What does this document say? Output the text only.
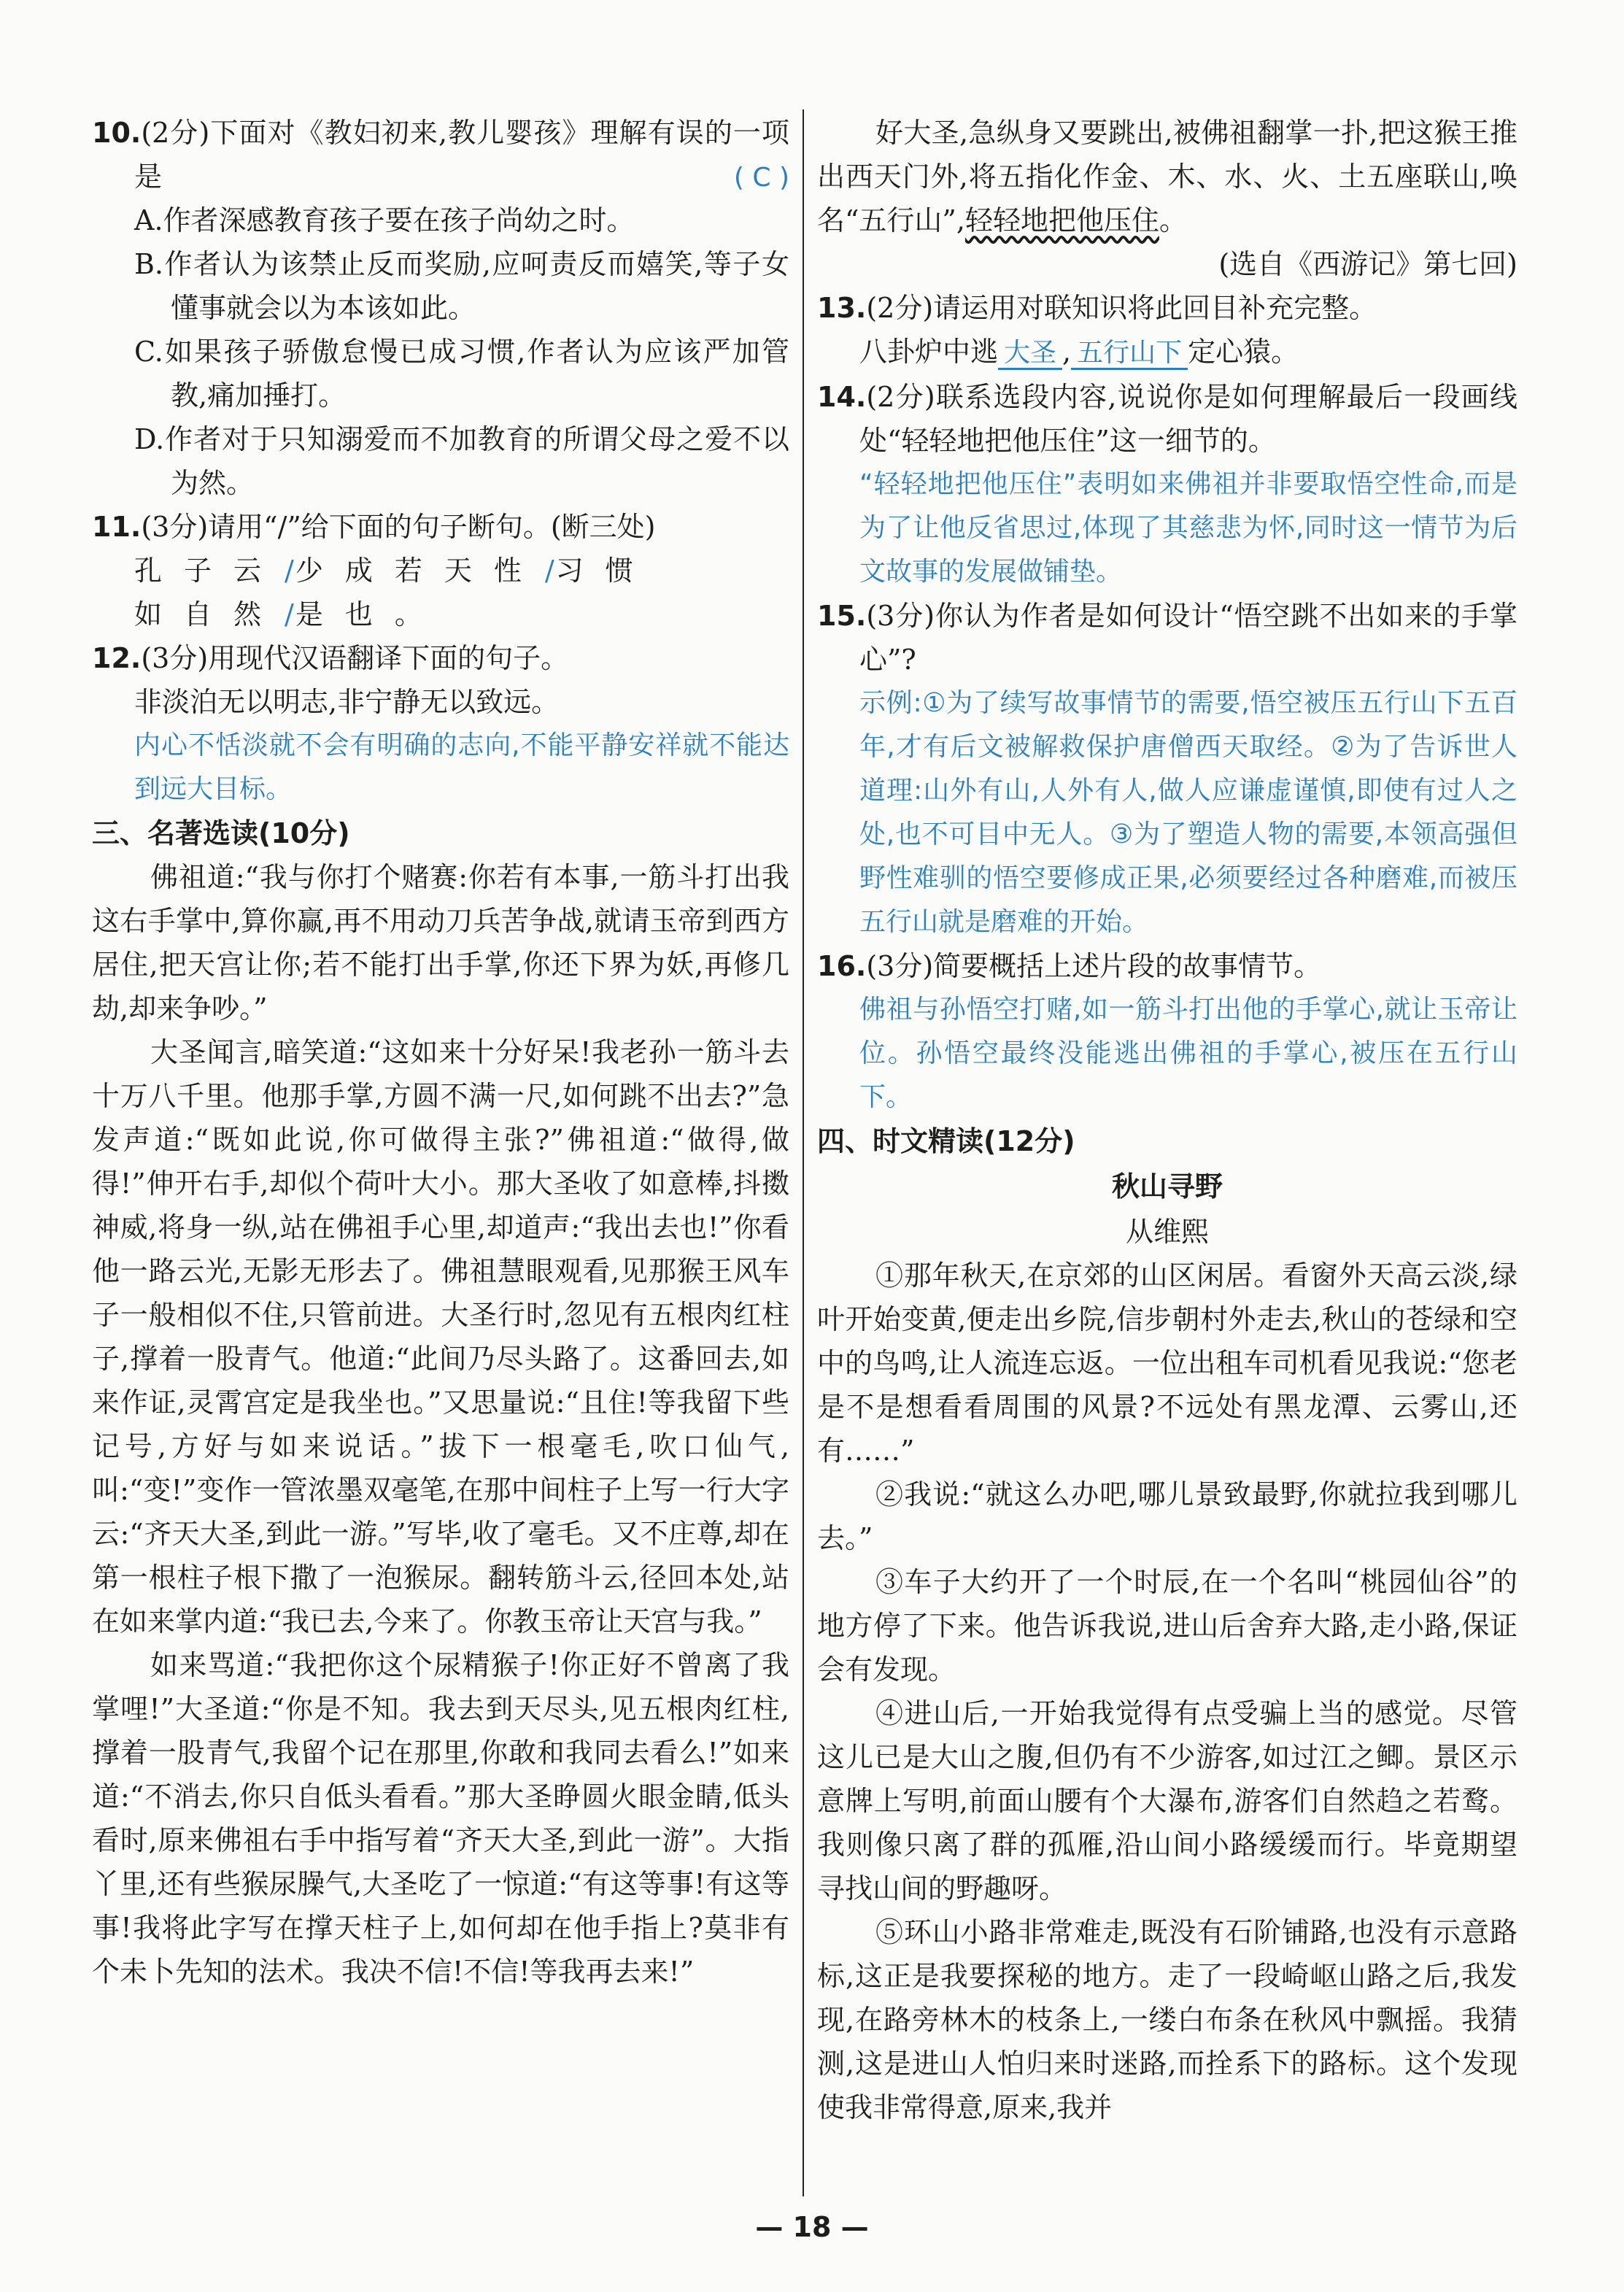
10.(2分)下面对《教妇初来,教儿婴孩》理解有误的一项是	( C )

A.作者深感教育孩子要在孩子尚幼之时。

B.作者认为该禁止反而奖励,应呵责反而嬉笑,等子女懂事就会以为本该如此。

C.如果孩子骄傲怠慢已成习惯,作者认为应该严加管教,痛加捶打。

D.作者对于只知溺爱而不加教育的所谓父母之爱不以为然。

11.(3分)请用“/”给下面的句子断句。(断三处)

孔子云/少成若天性/习惯

如自然/是也。

12.(3分)用现代汉语翻译下面的句子。

非淡泊无以明志,非宁静无以致远。

内心不恬淡就不会有明确的志向,不能平静安祥就不能达到远大目标。

三、名著选读(10分)

佛祖道:“我与你打个赌赛:你若有本事,一筋斗打出我这右手掌中,算你赢,再不用动刀兵苦争战,就请玉帝到西方居住,把天宫让你;若不能打出手掌,你还下界为妖,再修几劫,却来争吵。”

大圣闻言,暗笑道:“这如来十分好呆!我老孙一筋斗去十万八千里。他那手掌,方圆不满一尺,如何跳不出去?”急发声道:“既如此说,你可做得主张?”佛祖道:“做得,做得!”伸开右手,却似个荷叶大小。那大圣收了如意棒,抖擞神威,将身一纵,站在佛祖手心里,却道声:“我出去也!”你看他一路云光,无影无形去了。佛祖慧眼观看,见那猴王风车子一般相似不住,只管前进。大圣行时,忽见有五根肉红柱子,撑着一股青气。他道:“此间乃尽头路了。这番回去,如来作证,灵霄宫定是我坐也。”又思量说:“且住!等我留下些记号,方好与如来说话。”拔下一根毫毛,吹口仙气,叫:“变!”变作一管浓墨双毫笔,在那中间柱子上写一行大字云:“齐天大圣,到此一游。”写毕,收了毫毛。又不庄尊,却在第一根柱子根下撒了一泡猴尿。翻转筋斗云,径回本处,站在如来掌内道:“我已去,今来了。你教玉帝让天宫与我。”

如来骂道:“我把你这个尿精猴子!你正好不曾离了我掌哩!”大圣道:“你是不知。我去到天尽头,见五根肉红柱,撑着一股青气,我留个记在那里,你敢和我同去看么!”如来道:“不消去,你只自低头看看。”那大圣睁圆火眼金睛,低头看时,原来佛祖右手中指写着“齐天大圣,到此一游”。大指丫里,还有些猴尿臊气,大圣吃了一惊道:“有这等事!有这等事!我将此字写在撑天柱子上,如何却在他手指上?莫非有个未卜先知的法术。我决不信!不信!等我再去来!”

好大圣,急纵身又要跳出,被佛祖翻掌一扑,把这猴王推出西天门外,将五指化作金、木、水、火、土五座联山,唤名“五行山”,轻轻地把他压住。

(选自《西游记》第七回)

13.(2分)请运用对联知识将此回目补充完整。

八卦炉中逃 大圣 , 五行山下 定心猿。

14.(2分)联系选段内容,说说你是如何理解最后一段画线处“轻轻地把他压住”这一细节的。

“轻轻地把他压住”表明如来佛祖并非要取悟空性命,而是为了让他反省思过,体现了其慈悲为怀,同时这一情节为后文故事的发展做铺垫。

15.(3分)你认为作者是如何设计“悟空跳不出如来的手掌心”?

示例:①为了续写故事情节的需要,悟空被压五行山下五百年,才有后文被解救保护唐僧西天取经。②为了告诉世人道理:山外有山,人外有人,做人应谦虚谨慎,即使有过人之处,也不可目中无人。③为了塑造人物的需要,本领高强但野性难驯的悟空要修成正果,必须要经过各种磨难,而被压五行山就是磨难的开始。

16.(3分)简要概括上述片段的故事情节。

佛祖与孙悟空打赌,如一筋斗打出他的手掌心,就让玉帝让位。孙悟空最终没能逃出佛祖的手掌心,被压在五行山下。

四、时文精读(12分)

秋山寻野

从维熙

①那年秋天,在京郊的山区闲居。看窗外天高云淡,绿叶开始变黄,便走出乡院,信步朝村外走去,秋山的苍绿和空中的鸟鸣,让人流连忘返。一位出租车司机看见我说:“您老是不是想看看周围的风景?不远处有黑龙潭、云雾山,还有……”

②我说:“就这么办吧,哪儿景致最野,你就拉我到哪儿去。”

③车子大约开了一个时辰,在一个名叫“桃园仙谷”的地方停了下来。他告诉我说,进山后舍弃大路,走小路,保证会有发现。

④进山后,一开始我觉得有点受骗上当的感觉。尽管这儿已是大山之腹,但仍有不少游客,如过江之鲫。景区示意牌上写明,前面山腰有个大瀑布,游客们自然趋之若鹜。我则像只离了群的孤雁,沿山间小路缓缓而行。毕竟期望寻找山间的野趣呀。

⑤环山小路非常难走,既没有石阶铺路,也没有示意路标,这正是我要探秘的地方。走了一段崎岖山路之后,我发现,在路旁林木的枝条上,一缕白布条在秋风中飘摇。我猜测,这是进山人怕归来时迷路,而拴系下的路标。这个发现使我非常得意,原来,我并

— 18 —
